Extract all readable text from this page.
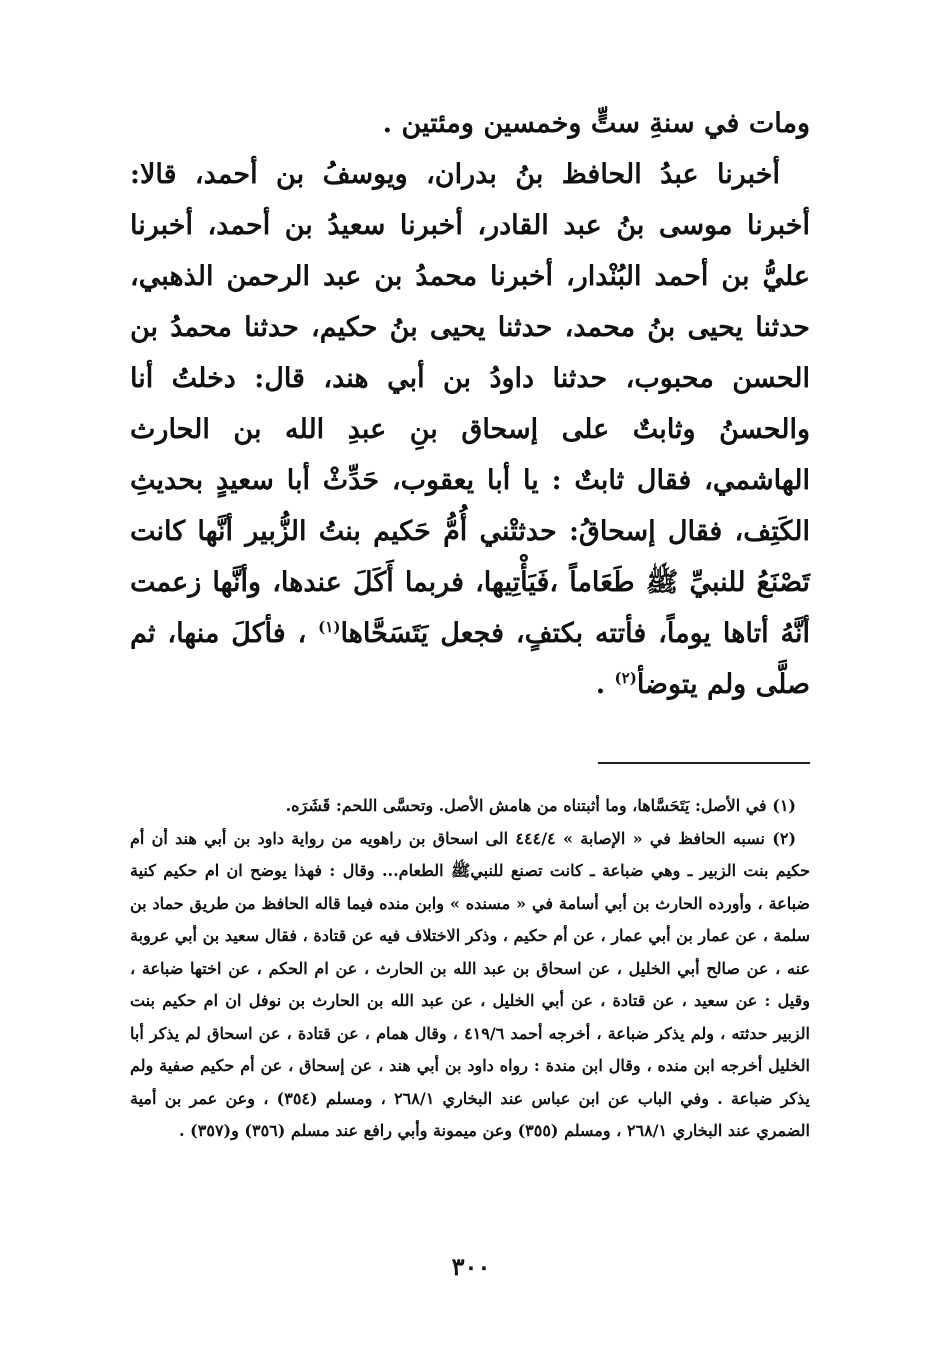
ومات في سنةِ ستٍّ وخمسين ومئتين .

أخبرنا عبدُ الحافظ بنُ بدران، ويوسفُ بن أحمد، قالا: أخبرنا موسى بنُ عبد القادر، أخبرنا سعيدُ بن أحمد، أخبرنا عليُّ بن أحمد البُنْدار، أخبرنا محمدُ بن عبد الرحمن الذهبي، حدثنا يحيى بنُ محمد، حدثنا يحيى بنُ حكيم، حدثنا محمدُ بن الحسن محبوب، حدثنا داودُ بن أبي هند، قال: دخلتُ أنا والحسنُ وثابتٌ على إسحاق بنِ عبدِ الله بن الحارث الهاشمي، فقال ثابتٌ : يا أبا يعقوب، حَدِّثْ أبا سعيدٍ بحديثِ الكَتِف، فقال إسحاقُ: حدثتْني أُمُّ حَكيم بنتُ الزُّبير أنَّها كانت تَصْنَعُ للنبيِّ ﷺ طَعَاماً ،فَيَأْتِيها، فربما أَكَلَ عندها، وأنَّها زعمت أنَّهُ أتاها يوماً، فأتته بكتفٍ، فجعل يَتَسَحَّاها$^{(١)}$ ، فأكلَ منها، ثم صلَّى ولم يتوضأ$^{(٢)}$ .

(١) في الأصل: يَتَحَسَّاها، وما أثبتناه من هامش الأصل. وتحسَّى اللحم: قَشَرَه.

(٢) نسبه الحافظ في « الإصابة » ٤٤٤/٤ الى اسحاق بن راهويه من رواية داود بن أبي هند أن أم حكيم بنت الزبير ـ وهي ضباعة ـ كانت تصنع للنبيﷺ الطعام... وقال : فهذا يوضح ان ام حكيم كنية ضباعة ، وأورده الحارث بن أبي أسامة في « مسنده » وابن منده فيما قاله الحافظ من طريق حماد بن سلمة ، عن عمار بن أبي عمار ، عن أم حكيم ، وذكر الاختلاف فيه عن قتادة ، فقال سعيد بن أبي عروبة عنه ، عن صالح أبي الخليل ، عن اسحاق بن عبد الله بن الحارث ، عن ام الحكم ، عن اختها ضباعة ، وقيل : عن سعيد ، عن قتادة ، عن أبي الخليل ، عن عبد الله بن الحارث بن نوفل ان ام حكيم بنت الزبير حدثته ، ولم يذكر ضباعة ، أخرجه أحمد ٤١٩/٦ ، وقال همام ، عن قتادة ، عن اسحاق لم يذكر أبا الخليل أخرجه ابن منده ، وقال ابن مندة : رواه داود بن أبي هند ، عن إسحاق ، عن أم حكيم صفية ولم يذكر ضباعة . وفي الباب عن ابن عباس عند البخاري ٢٦٨/١ ، ومسلم (٣٥٤) ، وعن عمر بن أمية الضمري عند البخاري ٢٦٨/١ ، ومسلم (٣٥٥) وعن ميمونة وأبي رافع عند مسلم (٣٥٦) و(٣٥٧) .

٣٠٠
